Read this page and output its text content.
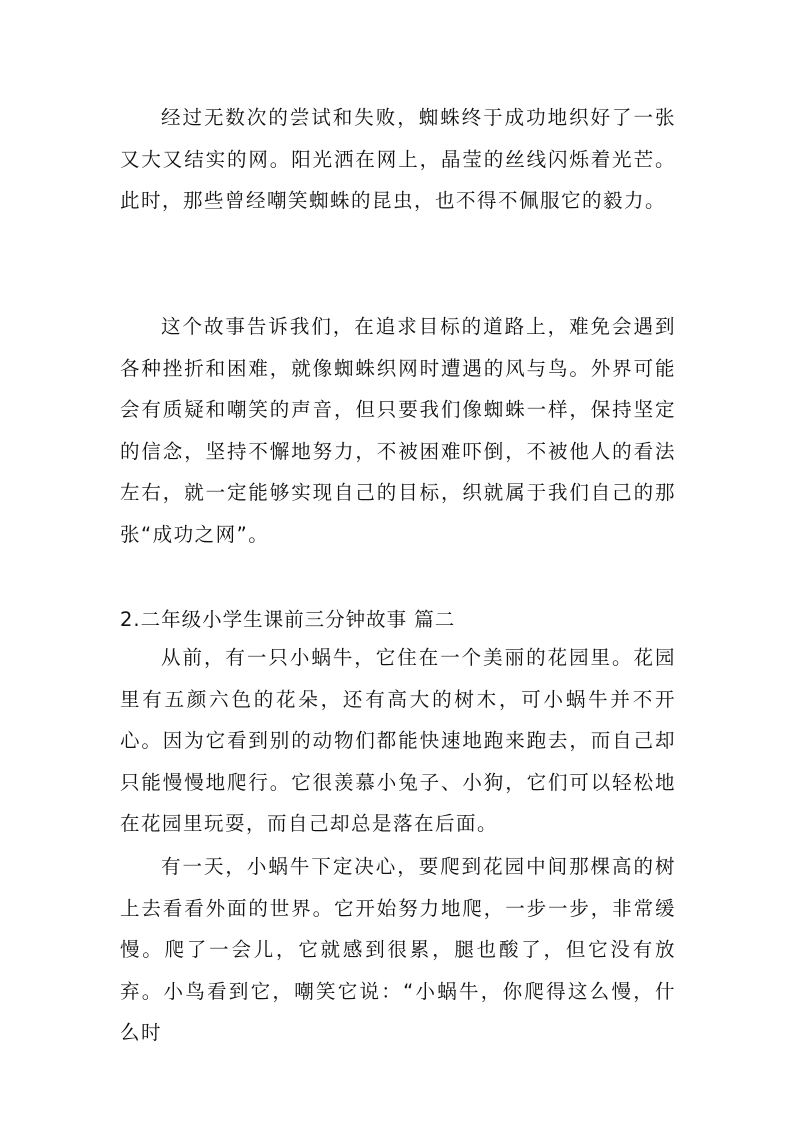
经过无数次的尝试和失败，蜘蛛终于成功地织好了一张又大又结实的网。阳光洒在网上，晶莹的丝线闪烁着光芒。此时，那些曾经嘲笑蜘蛛的昆虫，也不得不佩服它的毅力。

这个故事告诉我们，在追求目标的道路上，难免会遇到各种挫折和困难，就像蜘蛛织网时遭遇的风与鸟。外界可能会有质疑和嘲笑的声音，但只要我们像蜘蛛一样，保持坚定的信念，坚持不懈地努力，不被困难吓倒，不被他人的看法左右，就一定能够实现自己的目标，织就属于我们自己的那张“成功之网”。

2.二年级小学生课前三分钟故事 篇二

从前，有一只小蜗牛，它住在一个美丽的花园里。花园里有五颜六色的花朵，还有高大的树木，可小蜗牛并不开心。因为它看到别的动物们都能快速地跑来跑去，而自己却只能慢慢地爬行。它很羡慕小兔子、小狗，它们可以轻松地在花园里玩耍，而自己却总是落在后面。

有一天，小蜗牛下定决心，要爬到花园中间那棵高的树上去看看外面的世界。它开始努力地爬，一步一步，非常缓慢。爬了一会儿，它就感到很累，腿也酸了，但它没有放弃。小鸟看到它，嘲笑它说：“小蜗牛，你爬得这么慢，什么时
